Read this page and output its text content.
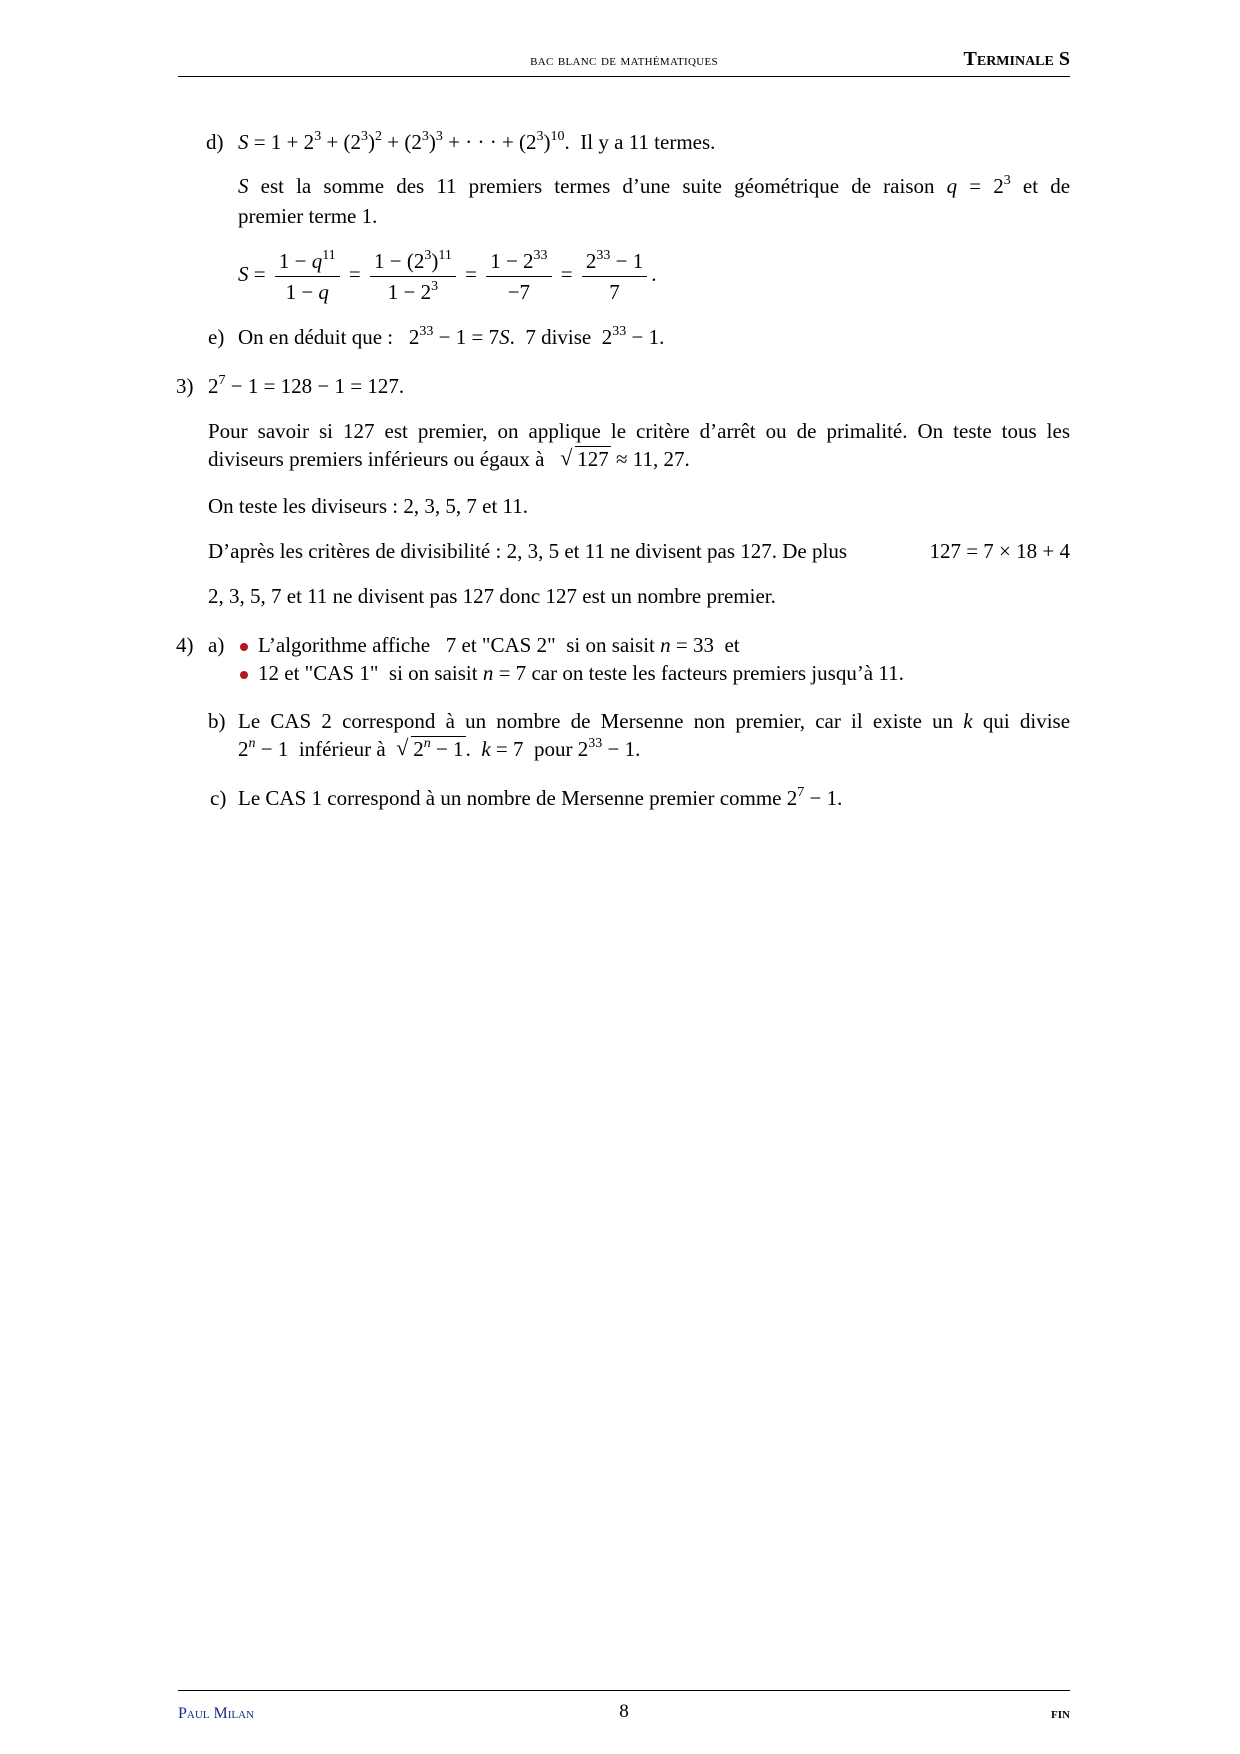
bac blanc de mathématiques	Terminale S
d) $S = 1 + 2^3 + (2^3)^2 + (2^3)^3$ + · · · + $(2^3)^{10}$.  Il y a 11 termes.
S est la somme des 11 premiers termes d’une suite géométrique de raison $q = 2^3$ et de
premier terme 1.
$S = \frac{1 - q^{11}}{1 - q} = \frac{1 - (2^3)^{11}}{1 - 2^3} = \frac{1 - 2^{33}}{-7} = \frac{2^{33} - 1}{7}$ .
e) On en déduit que :   $2^{33} - 1 = 7S$.  7 divise  $2^{33} - 1$.
3) $2^7 - 1 = 128 - 1 = 127$.
Pour savoir si 127 est premier, on applique le critère d’arrêt ou de primalité. On teste tous les
diviseurs premiers inférieurs ou égaux à √ 127 ≈ 11, 27.
On teste les diviseurs : 2, 3, 5, 7 et 11.
D’après les critères de divisibilité : 2, 3, 5 et 11 ne divisent pas 127. De plus	127 = 7 × 18 + 4
2, 3, 5, 7 et 11 ne divisent pas 127 donc 127 est un nombre premier.
4) a)	L’algorithme affiche 7 et "CAS 2" si on saisit n = 33  et
12 et "CAS 1" si on saisit n = 7 car on teste les facteurs premiers jusqu’à 11.
b) Le CAS 2 correspond à un nombre de Mersenne non premier, car il existe un k qui divise
$2^n - 1$  inférieur à √ $2^n - 1$.  k = 7  pour $2^{33} - 1$.
c) Le CAS 1 correspond à un nombre de Mersenne premier comme $2^7 - 1$.
Paul Milan	8	fin
